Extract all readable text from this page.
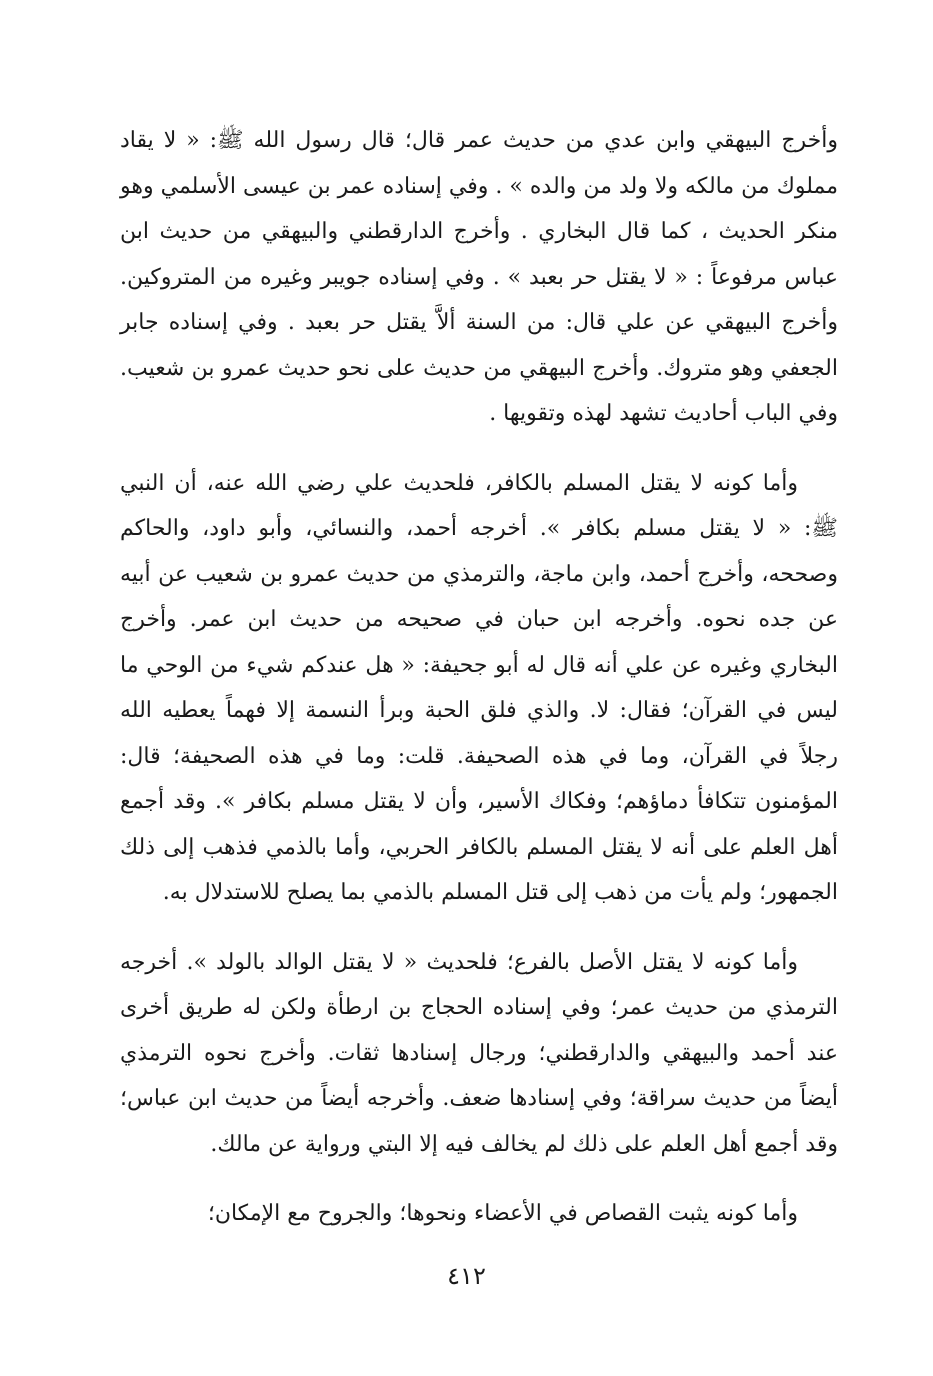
وأخرج البيهقي وابن عدي من حديث عمر قال؛ قال رسول الله ﷺ: « لا يقاد مملوك من مالكه ولا ولد من والده » . وفي إسناده عمر بن عيسى الأسلمي وهو منكر الحديث ، كما قال البخاري . وأخرج الدارقطني والبيهقي من حديث ابن عباس مرفوعاً : « لا يقتل حر بعبد » . وفي إسناده جويبر وغيره من المتروكين. وأخرج البيهقي عن علي قال: من السنة ألاَّ يقتل حر بعبد . وفي إسناده جابر الجعفي وهو متروك. وأخرج البيهقي من حديث على نحو حديث عمرو بن شعيب. وفي الباب أحاديث تشهد لهذه وتقويها .

وأما كونه لا يقتل المسلم بالكافر، فلحديث علي رضي الله عنه، أن النبي ﷺ: « لا يقتل مسلم بكافر ». أخرجه أحمد، والنسائي، وأبو داود، والحاكم وصححه، وأخرج أحمد، وابن ماجة، والترمذي من حديث عمرو بن شعيب عن أبيه عن جده نحوه. وأخرجه ابن حبان في صحيحه من حديث ابن عمر. وأخرج البخاري وغيره عن علي أنه قال له أبو جحيفة: « هل عندكم شيء من الوحي ما ليس في القرآن؛ فقال: لا. والذي فلق الحبة وبرأ النسمة إلا فهماً يعطيه الله رجلاً في القرآن، وما في هذه الصحيفة. قلت: وما في هذه الصحيفة؛ قال: المؤمنون تتكافأ دماؤهم؛ وفكاك الأسير، وأن لا يقتل مسلم بكافر ». وقد أجمع أهل العلم على أنه لا يقتل المسلم بالكافر الحربي، وأما بالذمي فذهب إلى ذلك الجمهور؛ ولم يأت من ذهب إلى قتل المسلم بالذمي بما يصلح للاستدلال به.

وأما كونه لا يقتل الأصل بالفرع؛ فلحديث « لا يقتل الوالد بالولد ». أخرجه الترمذي من حديث عمر؛ وفي إسناده الحجاج بن ارطأة ولكن له طريق أخرى عند أحمد والبيهقي والدارقطني؛ ورجال إسنادها ثقات. وأخرج نحوه الترمذي أيضاً من حديث سراقة؛ وفي إسنادها ضعف. وأخرجه أيضاً من حديث ابن عباس؛ وقد أجمع أهل العلم على ذلك لم يخالف فيه إلا البتي ورواية عن مالك.

وأما كونه يثبت القصاص في الأعضاء ونحوها؛ والجروح مع الإمكان؛

٤١٢
